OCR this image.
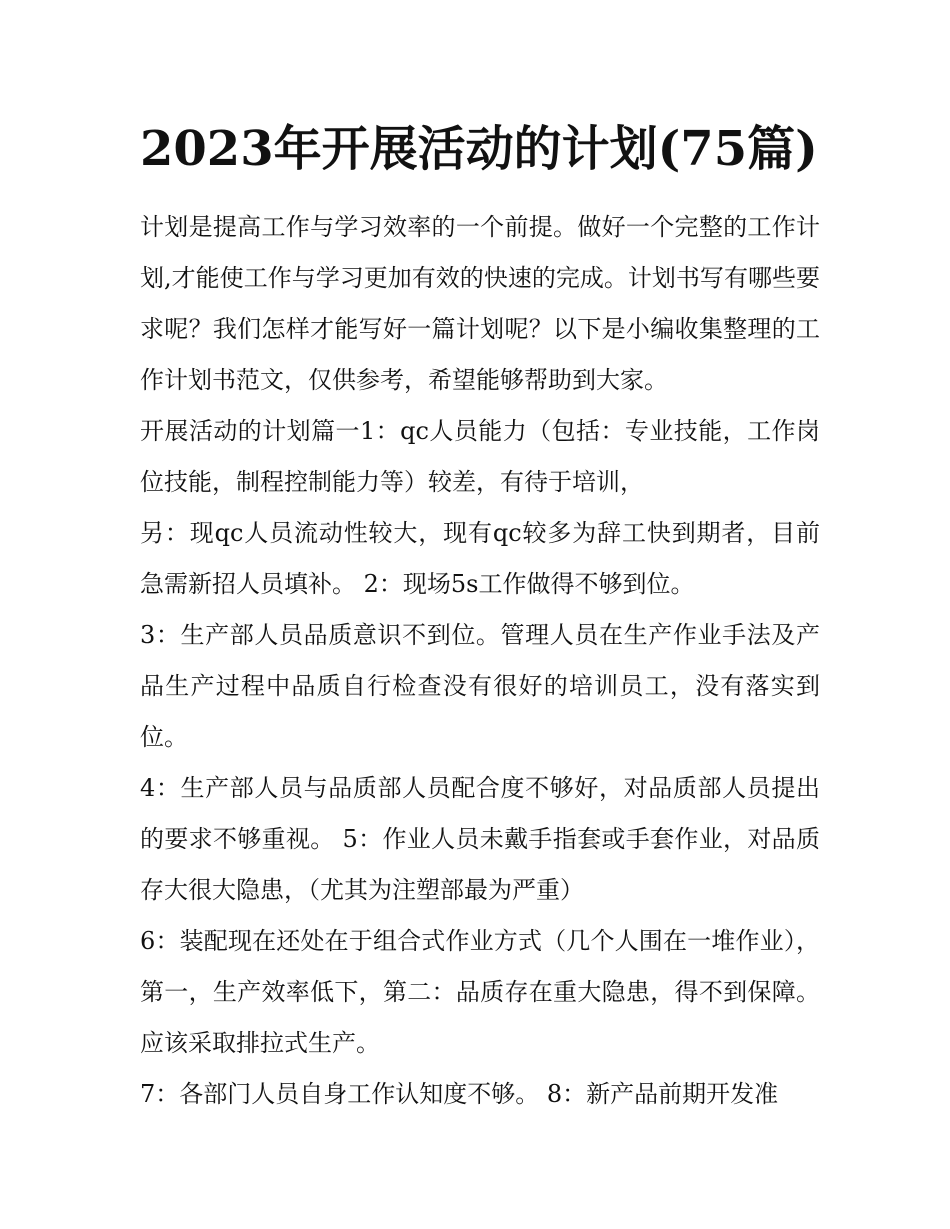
2023年开展活动的计划(75篇)

计划是提高工作与学习效率的一个前提。做好一个完整的工作计划,才能使工作与学习更加有效的快速的完成。计划书写有哪些要求呢？我们怎样才能写好一篇计划呢？以下是小编收集整理的工作计划书范文，仅供参考，希望能够帮助到大家。

开展活动的计划篇一1：qc人员能力（包括：专业技能，工作岗位技能，制程控制能力等）较差，有待于培训，

另：现qc人员流动性较大，现有qc较多为辞工快到期者，目前急需新招人员填补。 2：现场5s工作做得不够到位。

3：生产部人员品质意识不到位。管理人员在生产作业手法及产品生产过程中品质自行检查没有很好的培训员工，没有落实到位。

4：生产部人员与品质部人员配合度不够好，对品质部人员提出的要求不够重视。 5：作业人员未戴手指套或手套作业，对品质存大很大隐患，（尤其为注塑部最为严重）

6：装配现在还处在于组合式作业方式（几个人围在一堆作业），第一，生产效率低下，第二：品质存在重大隐患，得不到保障。应该采取排拉式生产。

7：各部门人员自身工作认知度不够。 8：新产品前期开发准
